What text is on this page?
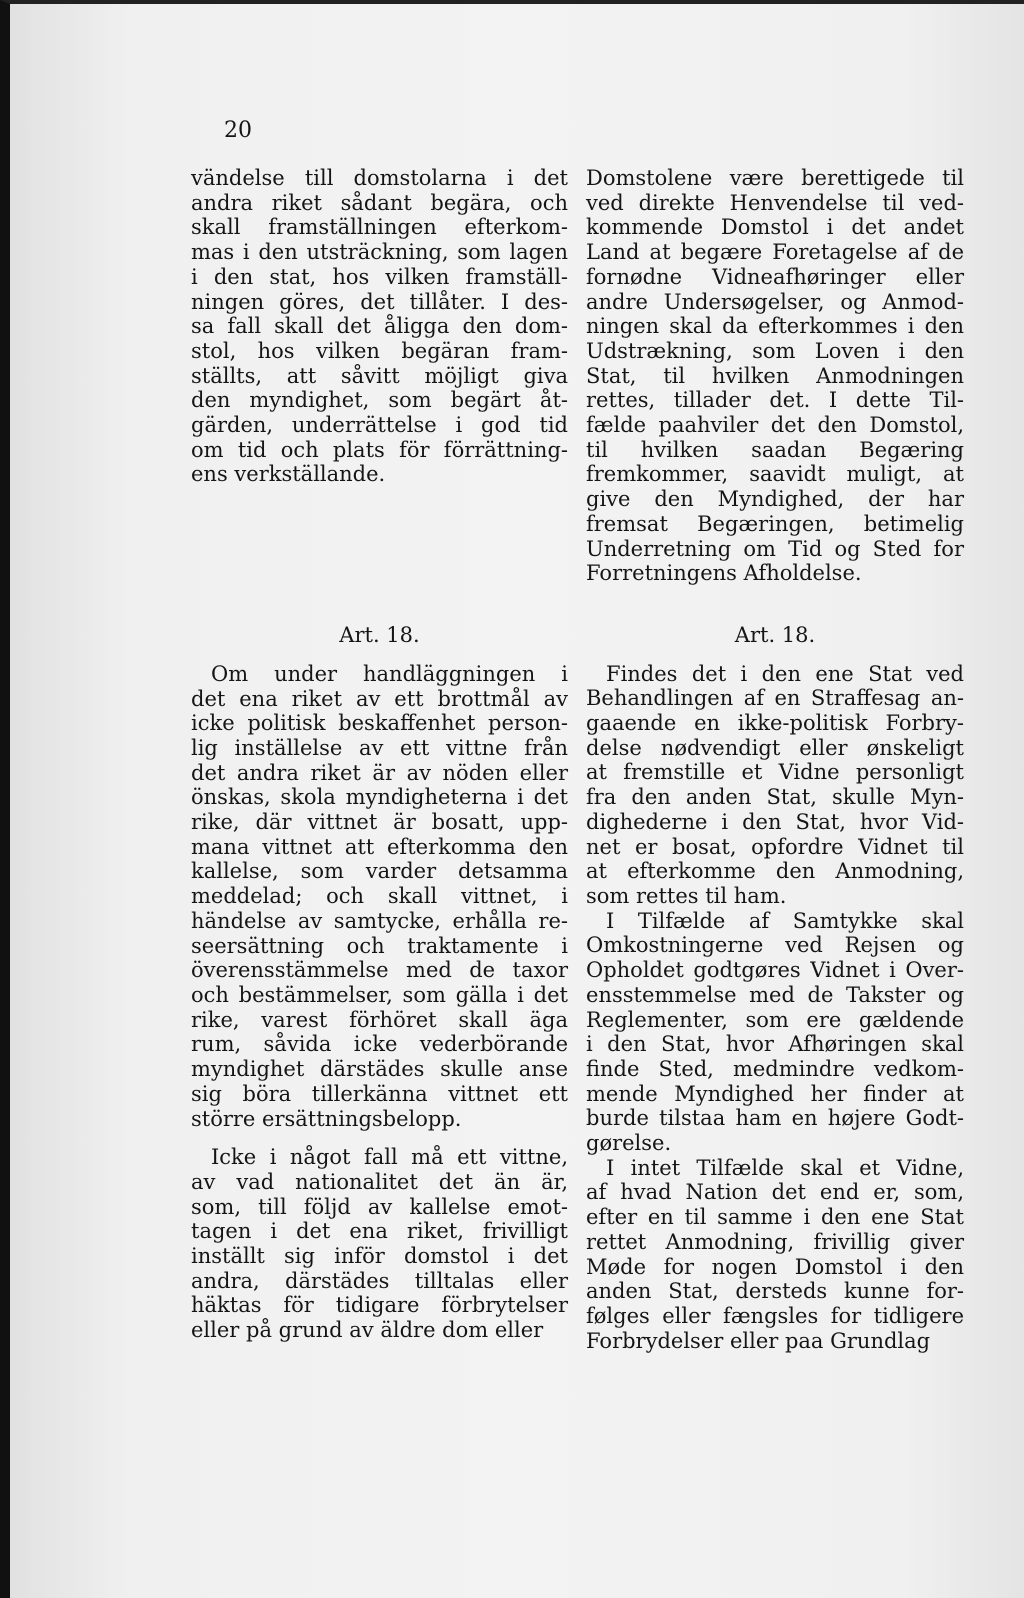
20
vändelse till domstolarna i det
andra riket sådant begära, och
skall framställningen efterkom-
mas i den utsträckning, som lagen
i den stat, hos vilken framställ-
ningen göres, det tillåter. I des-
sa fall skall det åligga den dom-
stol, hos vilken begäran fram-
ställts, att såvitt möjligt giva
den myndighet, som begärt åt-
gärden, underrättelse i god tid
om tid och plats för förrättning-
ens verkställande.
Art. 18.
Om under handläggningen i
det ena riket av ett brottmål av
icke politisk beskaffenhet person-
lig inställelse av ett vittne från
det andra riket är av nöden eller
önskas, skola myndigheterna i det
rike, där vittnet är bosatt, upp-
mana vittnet att efterkomma den
kallelse, som varder detsamma
meddelad; och skall vittnet, i
händelse av samtycke, erhålla re-
seersättning och traktamente i
överensstämmelse med de taxor
och bestämmelser, som gälla i det
rike, varest förhöret skall äga
rum, såvida icke vederbörande
myndighet därstädes skulle anse
sig böra tillerkänna vittnet ett
större ersättningsbelopp.
Icke i något fall må ett vittne,
av vad nationalitet det än är,
som, till följd av kallelse emot-
tagen i det ena riket, frivilligt
inställt sig inför domstol i det
andra, därstädes tilltalas eller
häktas för tidigare förbrytelser
eller på grund av äldre dom eller
Domstolene være berettigede til
ved direkte Henvendelse til ved-
kommende Domstol i det andet
Land at begære Foretagelse af de
fornødne Vidneafhøringer eller
andre Undersøgelser, og Anmod-
ningen skal da efterkommes i den
Udstrækning, som Loven i den
Stat, til hvilken Anmodningen
rettes, tillader det. I dette Til-
fælde paahviler det den Domstol,
til hvilken saadan Begæring
fremkommer, saavidt muligt, at
give den Myndighed, der har
fremsat Begæringen, betimelig
Underretning om Tid og Sted for
Forretningens Afholdelse.
Art. 18.
Findes det i den ene Stat ved
Behandlingen af en Straffesag an-
gaaende en ikke-politisk Forbry-
delse nødvendigt eller ønskeligt
at fremstille et Vidne personligt
fra den anden Stat, skulle Myn-
dighederne i den Stat, hvor Vid-
net er bosat, opfordre Vidnet til
at efterkomme den Anmodning,
som rettes til ham.
I Tilfælde af Samtykke skal
Omkostningerne ved Rejsen og
Opholdet godtgøres Vidnet i Over-
ensstemmelse med de Takster og
Reglementer, som ere gældende
i den Stat, hvor Afhøringen skal
finde Sted, medmindre vedkom-
mende Myndighed her finder at
burde tilstaa ham en højere Godt-
gørelse.
I intet Tilfælde skal et Vidne,
af hvad Nation det end er, som,
efter en til samme i den ene Stat
rettet Anmodning, frivillig giver
Møde for nogen Domstol i den
anden Stat, dersteds kunne for-
følges eller fængsles for tidligere
Forbrydelser eller paa Grundlag
